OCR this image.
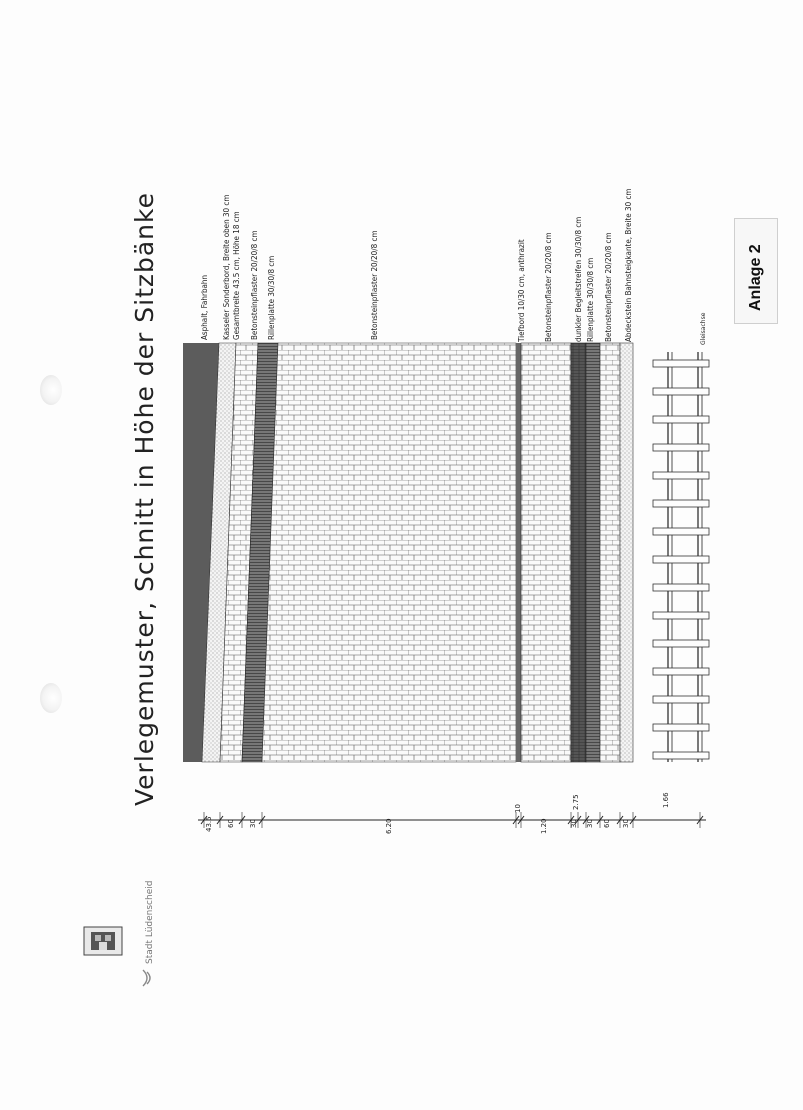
Verlegemuster, Schnitt in Höhe der Sitzbänke	Anlage 2
Asphalt, Fahrbahn Kasseler Sonderbord, Breite oben 30 cm Gesamtbreite 43.5 cm, Höhe 18 cm Betonsteinpflaster 20/20/8 cm Rillenplatte 30/30/8 cm	Betonsteinpflaster 20/20/8 cm	Tiefbord 10/30 cm, anthrazit Betonsteinpflaster 20/20/8 cm	dunkler Begleitstreifen 30/30/8 cm Rillenplatte 30/30/8 cm Betonsteinpflaster 20/20/8 cm Abdeckstein Bahnsteigkante, Breite 30 cm	Gleisachse
43.5 60 30	6.20
10
1.20	30
2.75
30 60 30
1.66
Stadt Lüdenscheid
